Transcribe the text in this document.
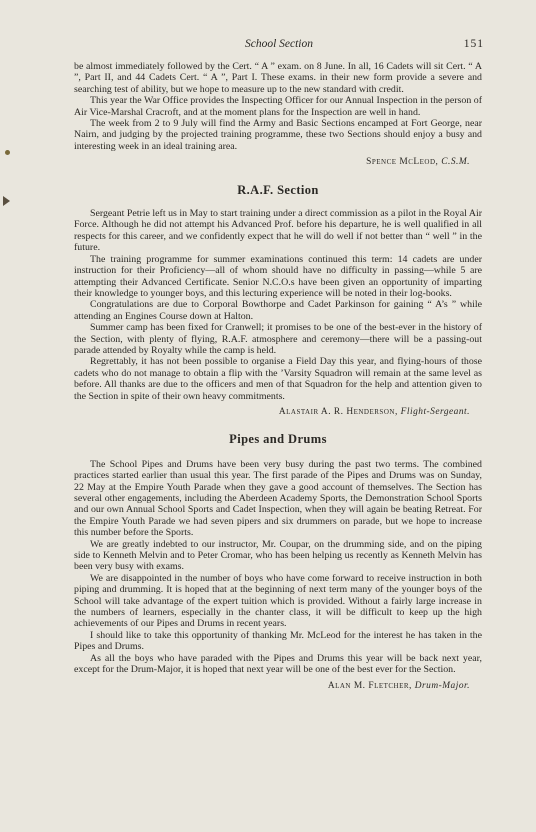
School Section	151

be almost immediately followed by the Cert. “ A ” exam. on 8 June. In all, 16 Cadets will sit Cert. “ A ”, Part II, and 44 Cadets Cert. “ A ”, Part I. These exams. in their new form provide a severe and searching test of ability, but we hope to measure up to the new standard with credit.

This year the War Office provides the Inspecting Officer for our Annual Inspection in the person of Air Vice-Marshal Cracroft, and at the moment plans for the Inspection are well in hand.

The week from 2 to 9 July will find the Army and Basic Sections encamped at Fort George, near Nairn, and judging by the projected training programme, these two Sections should enjoy a busy and interesting week in an ideal training area.

Spence McLeod, C.S.M.
R.A.F. Section

Sergeant Petrie left us in May to start training under a direct commission as a pilot in the Royal Air Force. Although he did not attempt his Advanced Prof. before his departure, he is well qualified in all respects for this career, and we confidently expect that he will do well if not better than “ well ” in the future.

The training programme for summer examinations continued this term: 14 cadets are under instruction for their Proficiency—all of whom should have no difficulty in passing—while 5 are attempting their Advanced Certificate. Senior N.C.O.s have been given an opportunity of imparting their knowledge to younger boys, and this lecturing experience will be noted in their log-books.

Congratulations are due to Corporal Bowthorpe and Cadet Parkinson for gaining “ A’s ” while attending an Engines Course down at Halton.

Summer camp has been fixed for Cranwell; it promises to be one of the best-ever in the history of the Section, with plenty of flying, R.A.F. atmosphere and ceremony—there will be a passing-out parade attended by Royalty while the camp is held.

Regrettably, it has not been possible to organise a Field Day this year, and flying-hours of those cadets who do not manage to obtain a flip with the ’Varsity Squadron will remain at the same level as before. All thanks are due to the officers and men of that Squadron for the help and attention given to the Section in spite of their own heavy commitments.

Alastair A. R. Henderson, Flight-Sergeant.
Pipes and Drums

The School Pipes and Drums have been very busy during the past two terms. The combined practices started earlier than usual this year. The first parade of the Pipes and Drums was on Sunday, 22 May at the Empire Youth Parade when they gave a good account of themselves. The Section has several other engagements, including the Aberdeen Academy Sports, the Demonstration School Sports and our own Annual School Sports and Cadet Inspection, when they will again be beating Retreat. For the Empire Youth Parade we had seven pipers and six drummers on parade, but we hope to increase this number before the Sports.

We are greatly indebted to our instructor, Mr. Coupar, on the drumming side, and on the piping side to Kenneth Melvin and to Peter Cromar, who has been helping us recently as Kenneth Melvin has been very busy with exams.

We are disappointed in the number of boys who have come forward to receive instruction in both piping and drumming. It is hoped that at the beginning of next term many of the younger boys of the School will take advantage of the expert tuition which is provided. Without a fairly large increase in the numbers of learners, especially in the chanter class, it will be difficult to keep up the high achievements of our Pipes and Drums in recent years.

I should like to take this opportunity of thanking Mr. McLeod for the interest he has taken in the Pipes and Drums.

As all the boys who have paraded with the Pipes and Drums this year will be back next year, except for the Drum-Major, it is hoped that next year will be one of the best ever for the Section.

Alan M. Fletcher, Drum-Major.
